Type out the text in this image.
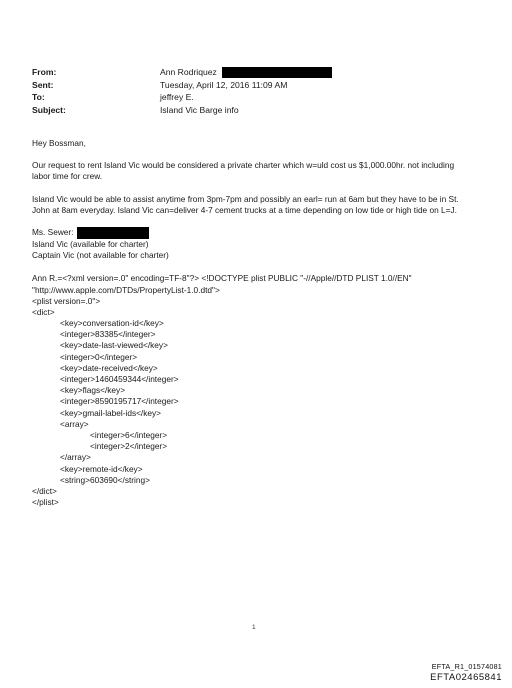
From:	Ann Rodriquez
Sent:	Tuesday, April 12, 2016 11:09 AM
To:	jeffrey E.
Subject:	Island Vic Barge info

Hey Bossman,

Our request to rent Island Vic would be considered a private charter which w=uld cost us $1,000.00hr. not including

labor time for crew.

Island Vic would be able to assist anytime from 3pm-7pm and possibly an earl= run at 6am but they have to be in St.

John at 8am everyday. Island Vic can=deliver 4-7 cement trucks at a time depending on low tide or high tide on L=J.

Ms. Sewer:

Island Vic (available for charter)

Captain Vic (not available for charter)

Ann R.=<?xml version=.0" encoding=TF-8"?> <!DOCTYPE plist PUBLIC "-//Apple//DTD PLIST 1.0//EN"
"http://www.apple.com/DTDs/PropertyList-1.0.dtd">
<plist version=.0">
<dict>
<key>conversation-id</key>
<integer>83385</integer>
<key>date-last-viewed</key>
<integer>0</integer>
<key>date-received</key>
<integer>1460459344</integer>
<key>flags</key>
<integer>8590195717</integer>
<key>gmail-label-ids</key>
<array>
<integer>6</integer>
<integer>2</integer>
</array>
<key>remote-id</key>
<string>603690</string>
</dict>
</plist>
1
EFTA_R1_01574081
EFTA02465841
